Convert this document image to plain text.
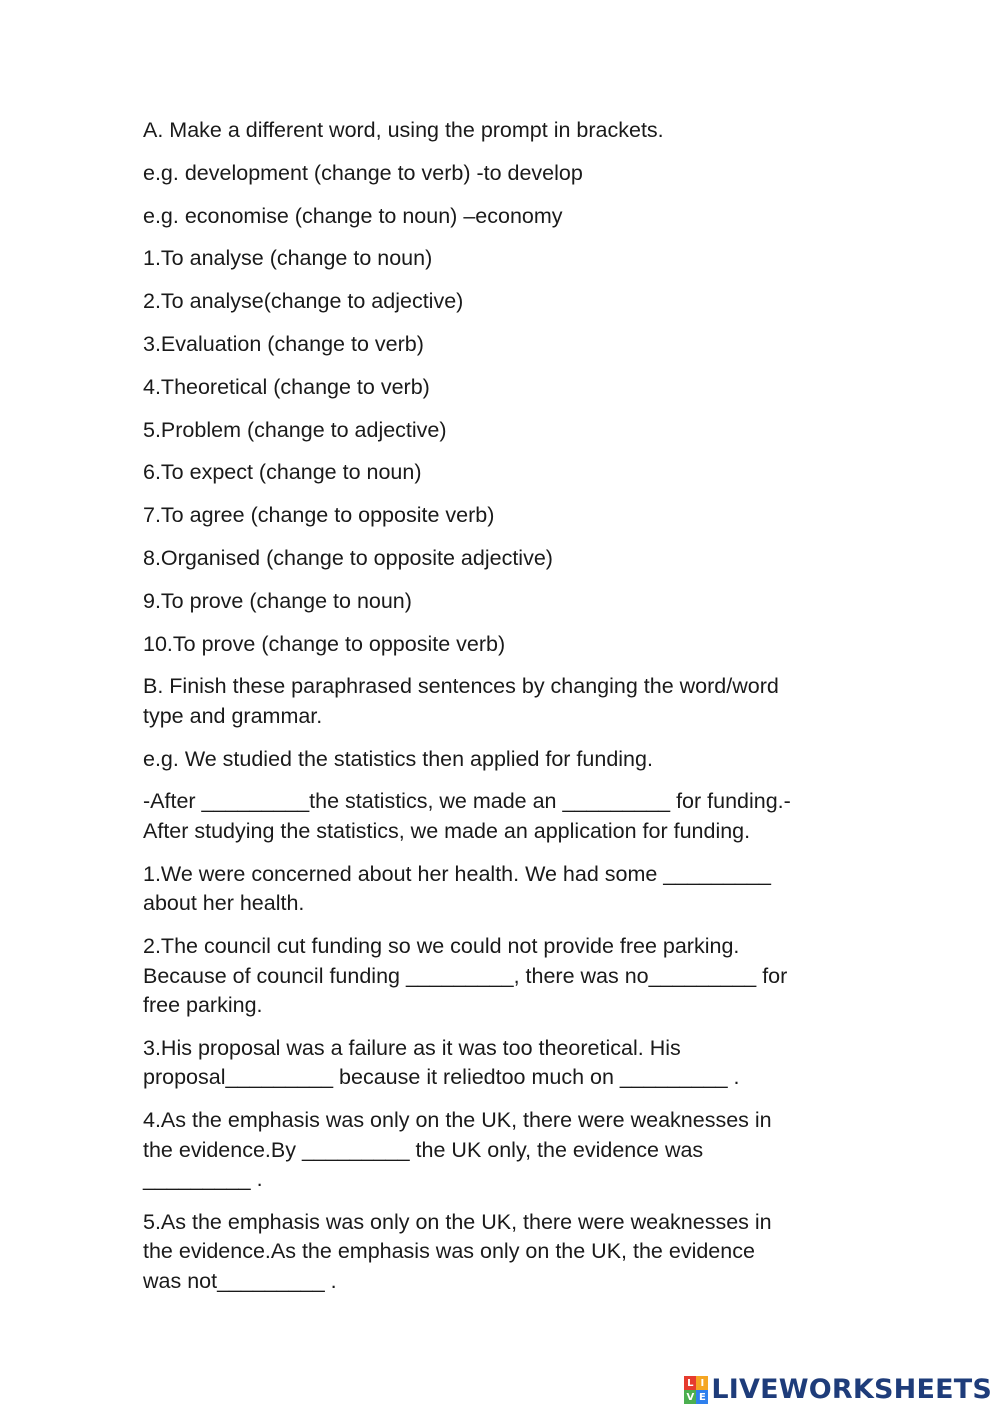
A. Make a different word, using the prompt in brackets.

e.g. development (change to verb) -to develop

e.g. economise (change to noun) –economy

1.To analyse (change to noun)

2.To analyse(change to adjective)

3.Evaluation (change to verb)

4.Theoretical (change to verb)

5.Problem (change to adjective)

6.To expect (change to noun)

7.To agree (change to opposite verb)

8.Organised (change to opposite adjective)

9.To prove (change to noun)

10.To prove (change to opposite verb)

B. Finish these paraphrased sentences by changing the word/word
type and grammar.

e.g. We studied the statistics then applied for funding.

-After _________the statistics, we made an _________ for funding.-
After studying the statistics, we made an application for funding.

1.We were concerned about her health. We had some _________
about her health.

2.The council cut funding so we could not provide free parking.
Because of council funding _________, there was no_________ for
free parking.

3.His proposal was a failure as it was too theoretical. His
proposal_________ because it reliedtoo much on _________ .

4.As the emphasis was only on the UK, there were weaknesses in
the evidence.By _________ the UK only, the evidence was
_________ .

5.As the emphasis was only on the UK, there were weaknesses in
the evidence.As the emphasis was only on the UK, the evidence
was not_________ .

L I
V E LIVEWORKSHEETS
